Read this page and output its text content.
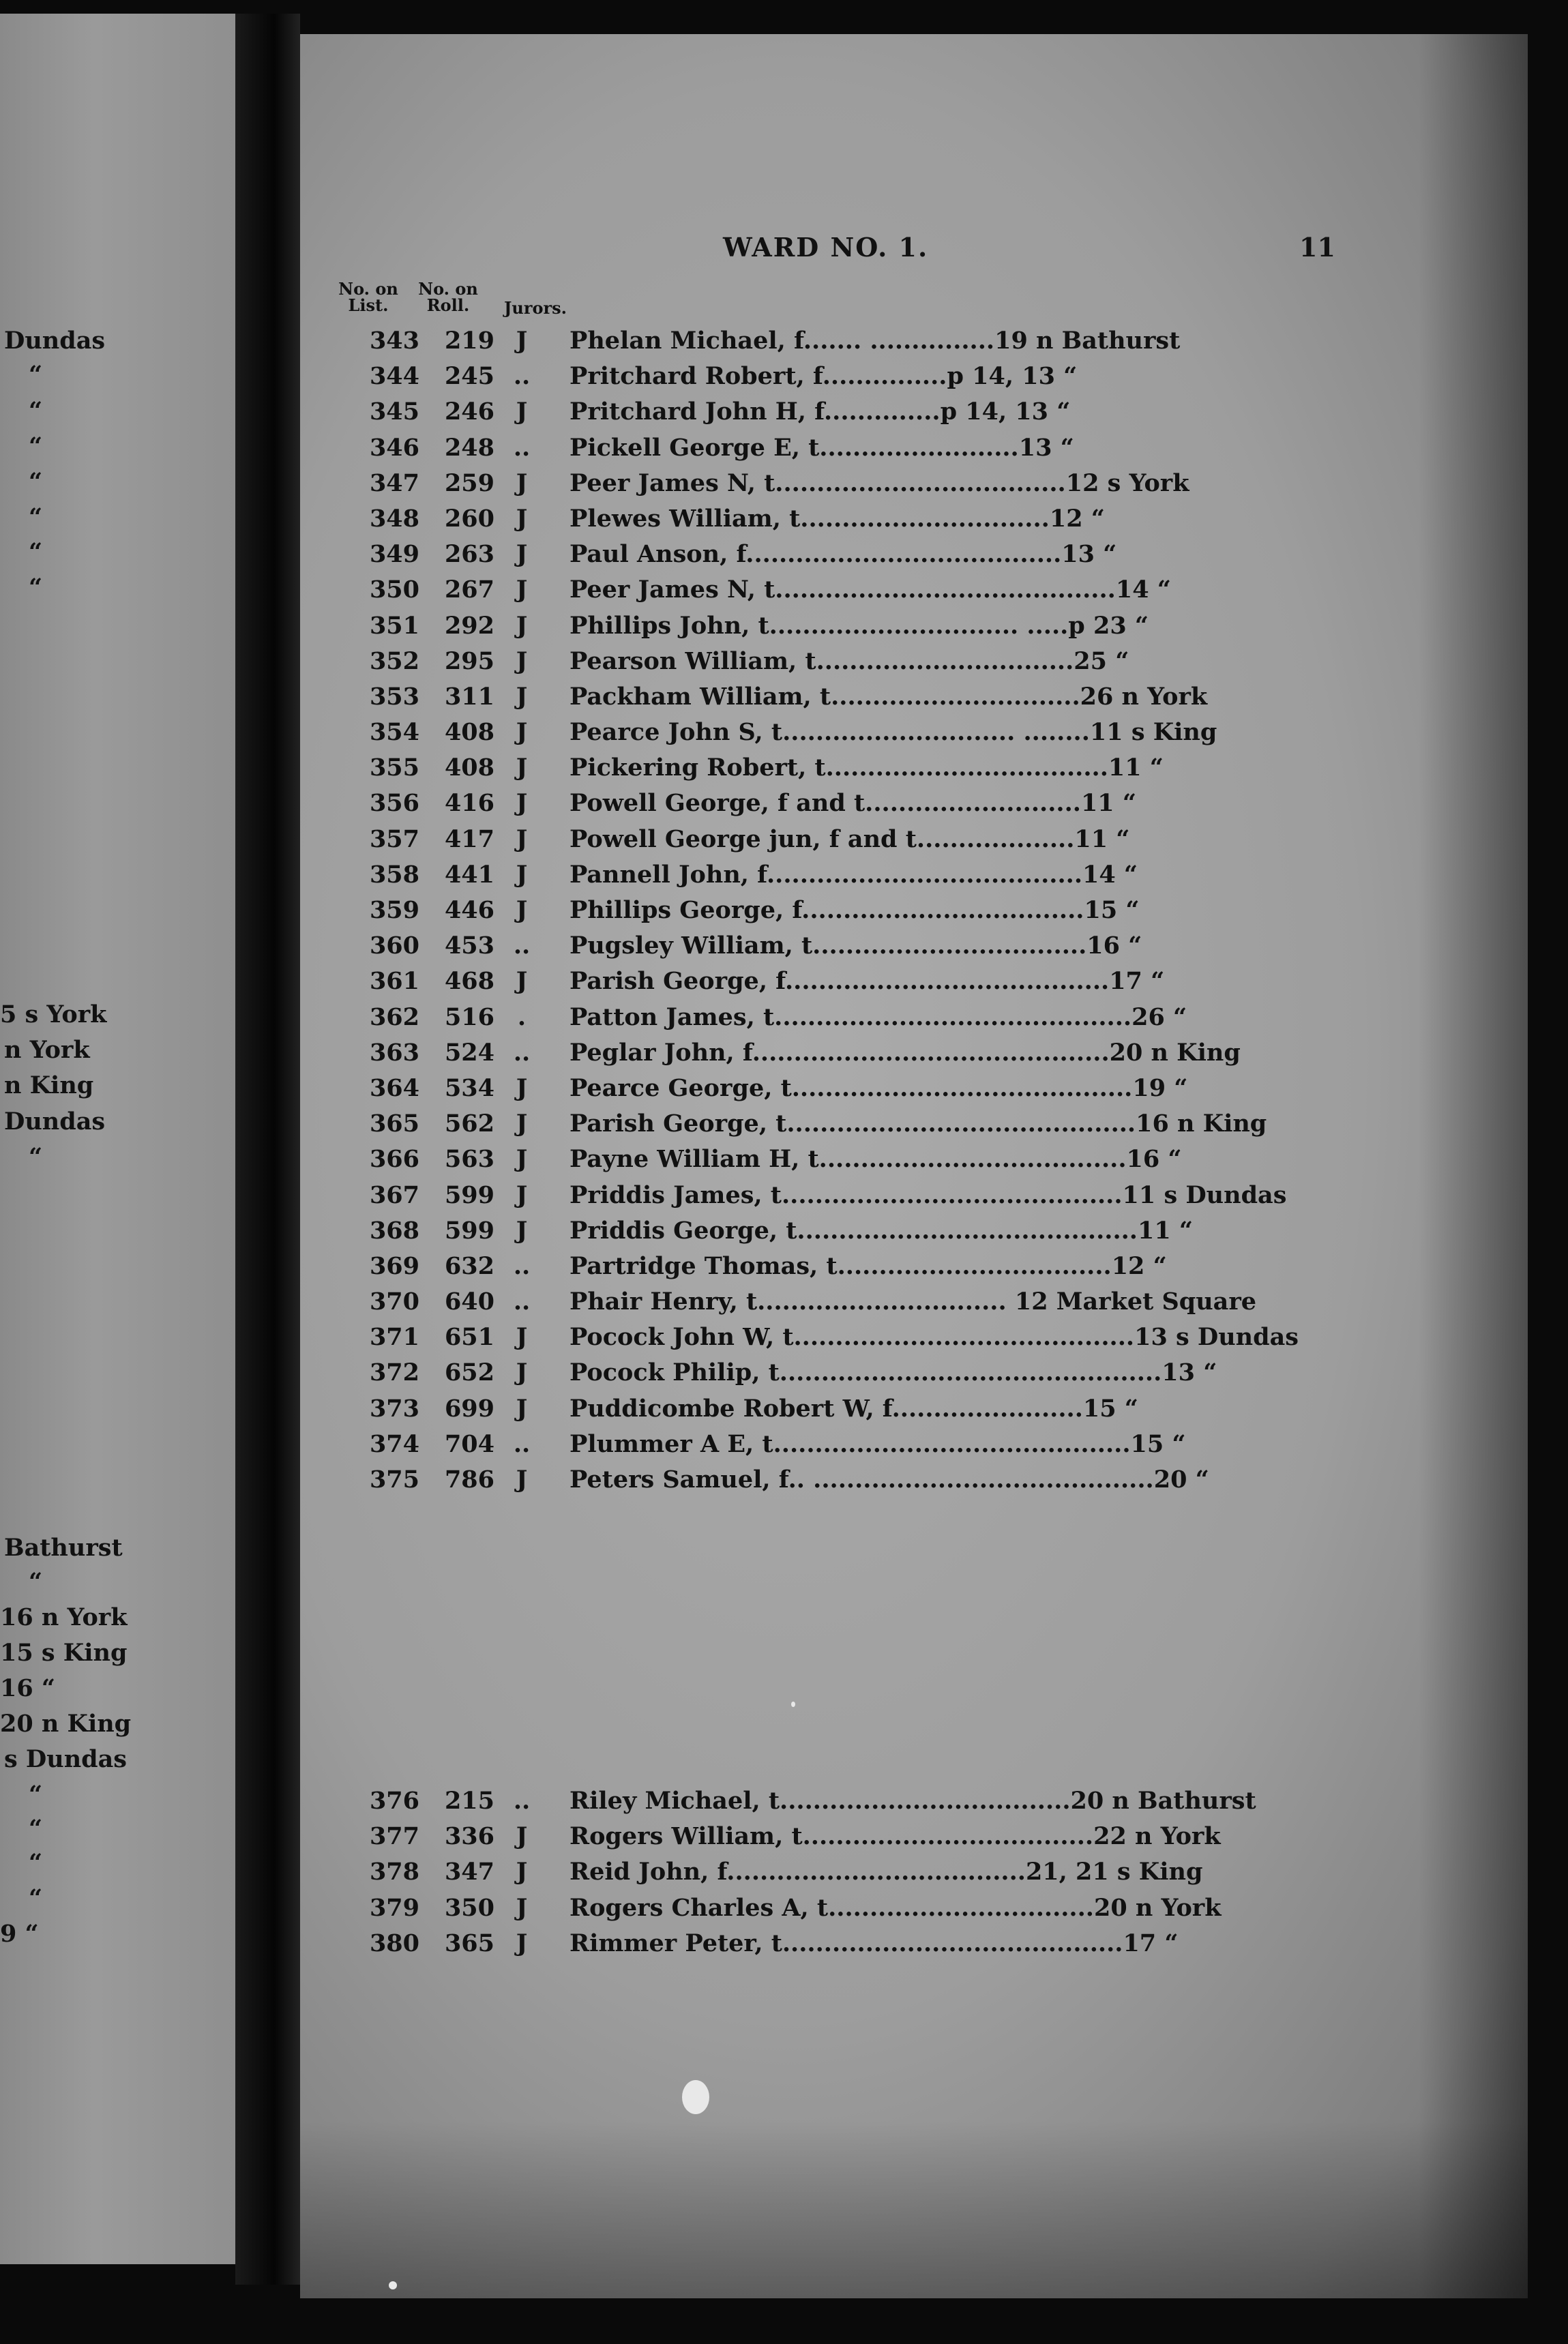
Dundas
“
“
“
“
“
“
“
5 s York
n York
n King
Dundas
“
Bathurst
“
16 n York
15 s King
16 “
20 n King
s Dundas
“
“
“
“
9 “
WARD NO. 1.	11
No. on
List.
No. on
Roll.	Jurors.
343 219 J	Phelan Michael, f....... ...............19 n Bathurst
344 245 ..	Pritchard Robert, f...............p 14, 13 “
345 246 J	Pritchard John H, f..............p 14, 13 “
346 248 ..	Pickell George E, t........................13 “
347 259 J	Peer James N, t...................................12 s York
348 260 J	Plewes William, t..............................12 “
349 263 J	Paul Anson, f......................................13 “
350 267 J	Peer James N, t.........................................14 “
351 292 J	Phillips John, t.............................. .....p 23 “
352 295 J	Pearson William, t...............................25 “
353 311 J	Packham William, t..............................26 n York
354 408 J	Pearce John S, t............................ ........11 s King
355 408 J	Pickering Robert, t..................................11 “
356 416 J	Powell George, f and t..........................11 “
357 417 J	Powell George jun, f and t...................11 “
358 441 J	Pannell John, f......................................14 “
359 446 J	Phillips George, f..................................15 “
360 453 ..	Pugsley William, t.................................16 “
361 468 J	Parish George, f.......................................17 “
362 516 .	Patton James, t...........................................26 “
363 524 ..	Peglar John, f...........................................20 n King
364 534 J	Pearce George, t.........................................19 “
365 562 J	Parish George, t..........................................16 n King
366 563 J	Payne William H, t.....................................16 “
367 599 J	Priddis James, t.........................................11 s Dundas
368 599 J	Priddis George, t.........................................11 “
369 632 ..	Partridge Thomas, t.................................12 “
370 640 ..	Phair Henry, t.............................. 12 Market Square
371 651 J	Pocock John W, t.........................................13 s Dundas
372 652 J	Pocock Philip, t..............................................13 “
373 699 J	Puddicombe Robert W, f.......................15 “
374 704 ..	Plummer A E, t...........................................15 “
375 786 J	Peters Samuel, f.. .........................................20 “
376 215 ..	Riley Michael, t...................................20 n Bathurst
377 336 J	Rogers William, t...................................22 n York
378 347 J	Reid John, f....................................21, 21 s King
379 350 J	Rogers Charles A, t................................20 n York
380 365 J	Rimmer Peter, t.........................................17 “
